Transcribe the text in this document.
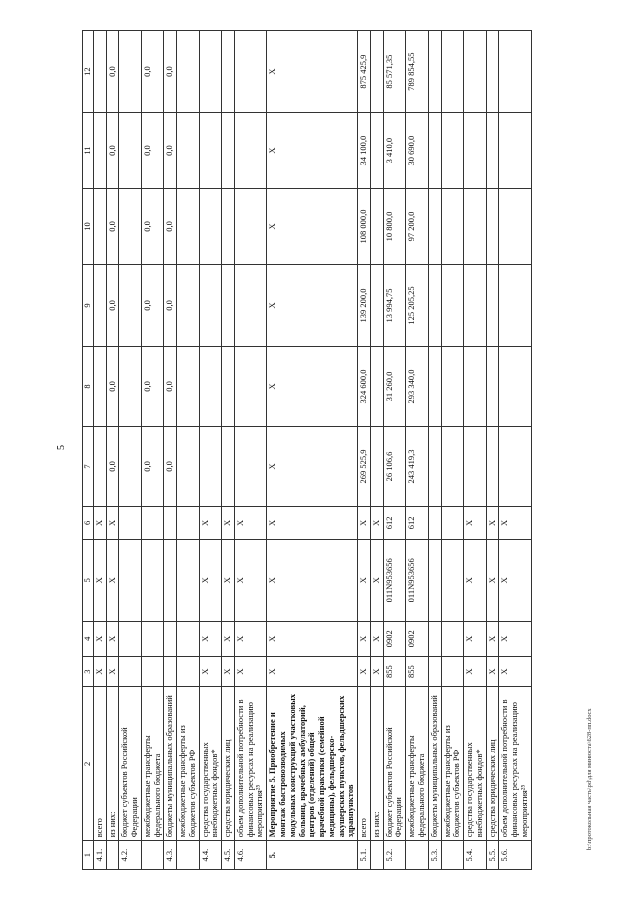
5
1	2	3	4	5	6	7	8	9	10	11	12
4.1.	всего	X	X	X	X						
	из них:	X	X	X	X	0,0	0,0	0,0	0,0	0,0	0,0
4.2.	бюджет субъектов Российской Федерации										
	межбюджетные трансферты федерального бюджета					0,0	0,0	0,0	0,0	0,0	0,0
4.3.	бюджеты муниципальных образований					0,0	0,0	0,0	0,0	0,0	0,0
	межбюджетные трансферты из бюджетов субъектов РФ										
4.4.	средства государственных внебюджетных фондов*	X	X	X	X						
4.5.	средства юридических лиц	X	X	X	X						
4.6.	объем дополнительной потребности в финансовых ресурсах на реализацию мероприятия²⁵	X	X	X	X						
5.	Мероприятие 5. Приобретение и монтаж быстровозводимых модульных конструкций участковых больниц, врачебных амбулаторий, центров (отделений) общей врачебной практики (семейной медицины), фельдшерско-акушерских пунктов, фельдшерских здравпунктов	X	X	X	X	X	X	X	X	X	X
5.1.	всего	X	X	X	X	269 525,9	324 600,0	139 200,0	108 000,0	34 100,0	875 425,9
	из них:	X	X	X	X						
5.2.	бюджет субъектов Российской Федерации	855	0902	011N953656	612	26 106,6	31 260,0	13 994,75	10 800,0	3 410,0	85 571,35
	межбюджетные трансферты федерального бюджета	855	0902	011N953656	612	243 419,3	293 340,0	125 205,25	97 200,0	30 690,0	789 854,55
5.3.	бюджеты муниципальных образований										
	межбюджетные трансферты из бюджетов субъектов РФ										
5.4.	средства государственных внебюджетных фондов*	X	X	X	X						
5.5.	средства юридических лиц	X	X	X	X						
5.6.	объем дополнительной потребности в финансовых ресурсах на реализацию мероприятия²⁵	X	X	X	X						
b:\протокольная часть\pd\для минюста\628-пп.docx
